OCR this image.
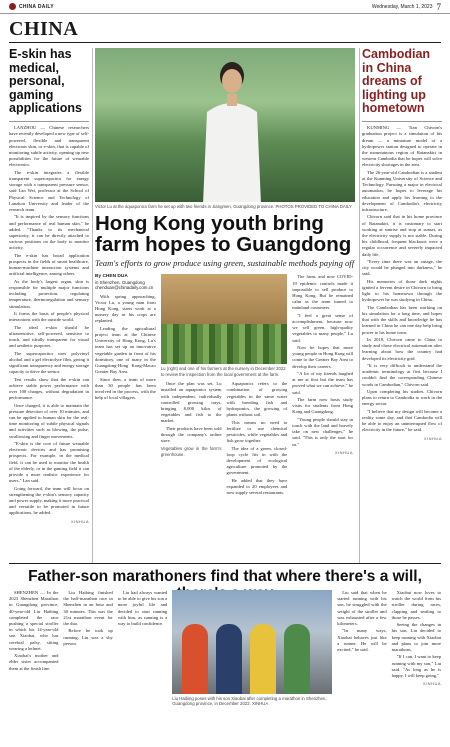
CHINA DAILY	Wednesday, March 1, 2023 7
CHINA
E-skin has medical, personal, gaming applications

LANZHOU — Chinese researchers have recently developed a new type of self-powered, flexible and transparent electronic skin, or e-skin, that is capable of monitoring subtle activity, opening up new possibilities for the future of wearable electronics.

The e-skin integrates a flexible transparent supercapacitor for energy storage with a transparent pressure sensor, said Lan Wei, professor at the School of Physical Science and Technology of Lanzhou University and leader of the research team.

"It is inspired by the sensory functions and performance of real human skin," he added. "Thanks to its mechanical superiority, it can be directly attached to various positions on the body to monitor activity.

The e-skin has broad application prospects in the fields of smart healthcare, human-machine interaction systems and artificial intelligence, among others.

As the body's largest organ, skin is responsible for multiple major functions including protection, regulating temperature, thermoregulation and sensory stimulation.

It forms the basis of people's physical interactions with the outside world.

The ideal e-skin should be ultrasensitive, self-powered, sensitive to touch, and ideally transparent for visual and aesthetic purposes.

The supercapacitor uses polyvinyl alcohol and a gel electrolyte film, giving it significant transparency and energy storage capacity to drive the sensor.

Test results show that the e-skin can achieve stable power performance with over 100 charges, without degradation in performance.

Once charged, it is able to maintain the pressure detection of over 10 minutes, and can be applied to human skin for the real-time monitoring of subtle physical signals and activities such as blowing, the pulse, swallowing and finger movements.

"E-skin is the core of future wearable electronic devices and has promising prospects. For example, in the medical field, it can be used to monitor the health of the elderly, or in the gaming field it can provide a more realistic experience for users," Lan said.

Going forward, the team will focus on strengthening the e-skin's sensory capacity and power supply, making it more practical and versatile to be promoted in future applications, he added.

XINHUA
Victor Lu at the aquaponics farm he set up with two friends in Jiangmen, Guangdong province. PHOTOS PROVIDED TO CHINA DAILY
Hong Kong youth bring farm hopes to Guangdong
Team's efforts to grow produce using green, sustainable methods paying off
By CHEN DUA
in Shenzhen, Guangdong
chenduan@chinadaily.com.cn

With spring approaching, Victor Lu, a young man from Hong Kong, starts work at a nursery day as his crops are replanted.

Leading the agricultural project team at the Chinese University of Hong Kong, Lu's team has set up an innovative vegetable garden in front of his dormitory, one of many in the Guangdong-Hong Kong-Macao Greater Bay Area.

Since then, a team of more than 30 people has been involved in the process, with the help of local villagers.

Lu (right) and one of his farmers at the nursery in December 2022 to review the inspection from the local government at the farm.

Once the plan was set, Lu installed an aquaponics system with independent, individually controlled growing trays, bringing 8,000 kilos of vegetables and fish to the market.

Their products have been sold through the company's online store.

Vegetables grow in the farm's greenhouse.

Aquaponics refers to the combination of growing vegetables in the same water with breeding fish and hydroponics, the growing of plants without soil.

This means no need to fertilize or use chemical pesticides, while vegetables and fish grow together.

The idea of a green, closed-loop cycle fits in with the development of ecological agriculture promoted by the government.

He added that they have expanded to 20 employees and now supply several restaurants.

The farm, and now COVID-19 epidemic controls made it impossible to sell produce to Hong Kong. But he remained calm as the team turned to mainland customers.

"I feel a great sense of accomplishment, because now we sell green, high-quality vegetables to many people," Lu said.

Now he hopes that more young people in Hong Kong will come to the Greater Bay Area to develop their careers.

"A lot of my friends laughed at me at first but the team has proved what we can achieve," he said.

The farm now hosts study visits for students from Hong Kong and Guangdong.

"Young people should stay in touch with the land and bravely take on new challenges," he said. "This is only the start for us."

XINHUA
Cambodian in China dreams of lighting up hometown

KUNMING — Tian Chivorn's graduation project is a simulation of his dream — a miniature model of a hydropower station designed to operate in the mountainous region of Ratanakiri in western Cambodia that he hopes will solve electricity shortages in the area.

The 26-year-old Cambodian is a student at the Kunming University of Science and Technology. Pursuing a major in electrical automation, he hopes to leverage his education and apply his learning to the development of Cambodia's electricity infrastructure.

Chivorn said that in his home province of Ratanakiri, it is customary to start working at sunrise and stop at sunset, as the electricity supply is not stable. During his childhood, frequent blackouts were a regular occurrence and severely impacted daily life.

"Every time there was an outage, the city would be plunged into darkness," he said.

His memories of those dark nights ignited a fervent desire in Chivorn to bring light to his hometown through the hydropower he was studying in China.

The Cambodian has been working on his simulation for a long time, and hopes that with the skills and knowledge he has learned in China he can one day help bring power to his home town.

In 2018, Chivorn came to China to study and chose electrical automation after learning about how the country had developed its electricity grid.

"It is very difficult to understand the academic terminology at first because I couldn't find the corresponding Chinese words in Cambodian," Chivorn said.

Upon completing his studies, Chivorn plans to return to Cambodia to work in the energy sector.

"I believe that my design will become a reality some day, and that Cambodia will be able to enjoy an uninterrupted flow of electricity in the future," he said.

XINHUA
Father-son marathoners find that where there's a will,

SHENZHEN — In the 2023 Shenzhen Marathon in Guangdong province, 40-year-old Liu Haibing completed the race pushing a special stroller in which his 14-year-old son Xiaobai, who has cerebral palsy, sitting wearing a helmet.

Xiaobai's mother and elder sister accompanied them at the finish line.

Liu Haibing finished the half-marathon race in Shenzhen in an hour and 30 minutes. This was the 21st marathon event for the duo.

Before he took up running, Liu was a shy person.

Liu had always wanted to be able to give his son a more joyful life and decided to start running with him, as running is a way to build confidence.

Liu Haibing poses with his son Xiaobai after completing a marathon in Shenzhen, Guangdong province, in December 2022. XINHUA

Liu said that when he started running with his son, he struggled with the weight of the stroller and was exhausted after a few kilometers.

"In many ways, Xiaobai behaves just like a runner. He will be excited," he said.

Xiaobai now loves to watch the world from his stroller during races, clapping and smiling to those he passes.

Seeing the changes in his son, Liu decided to keep running with Xiaobai and plans to join more marathons.

"If I can, I want to keep running with my son," Liu said. "As long as he is happy, I will keep going."

XINHUA
